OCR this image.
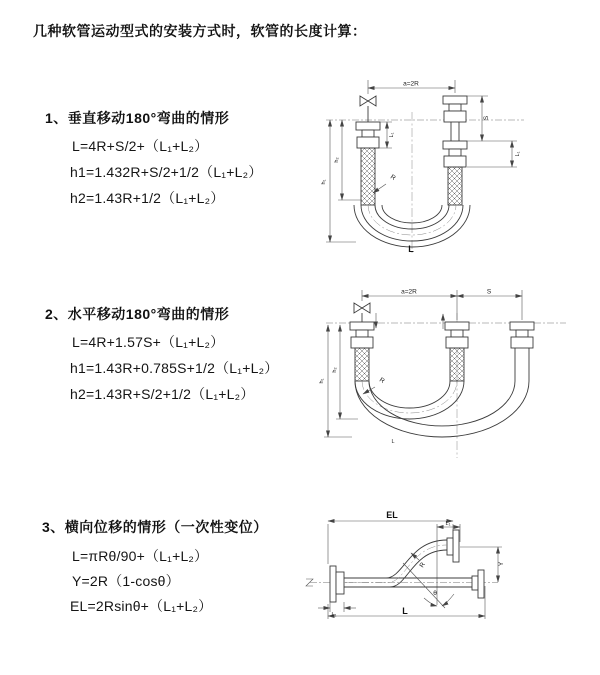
几种软管运动型式的安装方式时，软管的长度计算：
1、垂直移动180°弯曲的情形
L=4R+S/2+（L₁+L₂）
h1=1.432R+S/2+1/2（L₁+L₂）
h2=1.43R+1/2（L₁+L₂）
2、水平移动180°弯曲的情形
L=4R+1.57S+（L₁+L₂）
h1=1.43R+0.785S+1/2（L₁+L₂）
h2=1.43R+S/2+1/2（L₁+L₂）
3、横向位移的情形（一次性变位）
L=πRθ/90+（L₁+L₂）
Y=2R（1-cosθ）
EL=2Rsinθ+（L₁+L₂）
a=2R
S
L₁
L₁
h₂
h₁
R
L
a=2R	S
h₂
h₁	R
L
EL
L₁
Y
θ
R
L
L₁
